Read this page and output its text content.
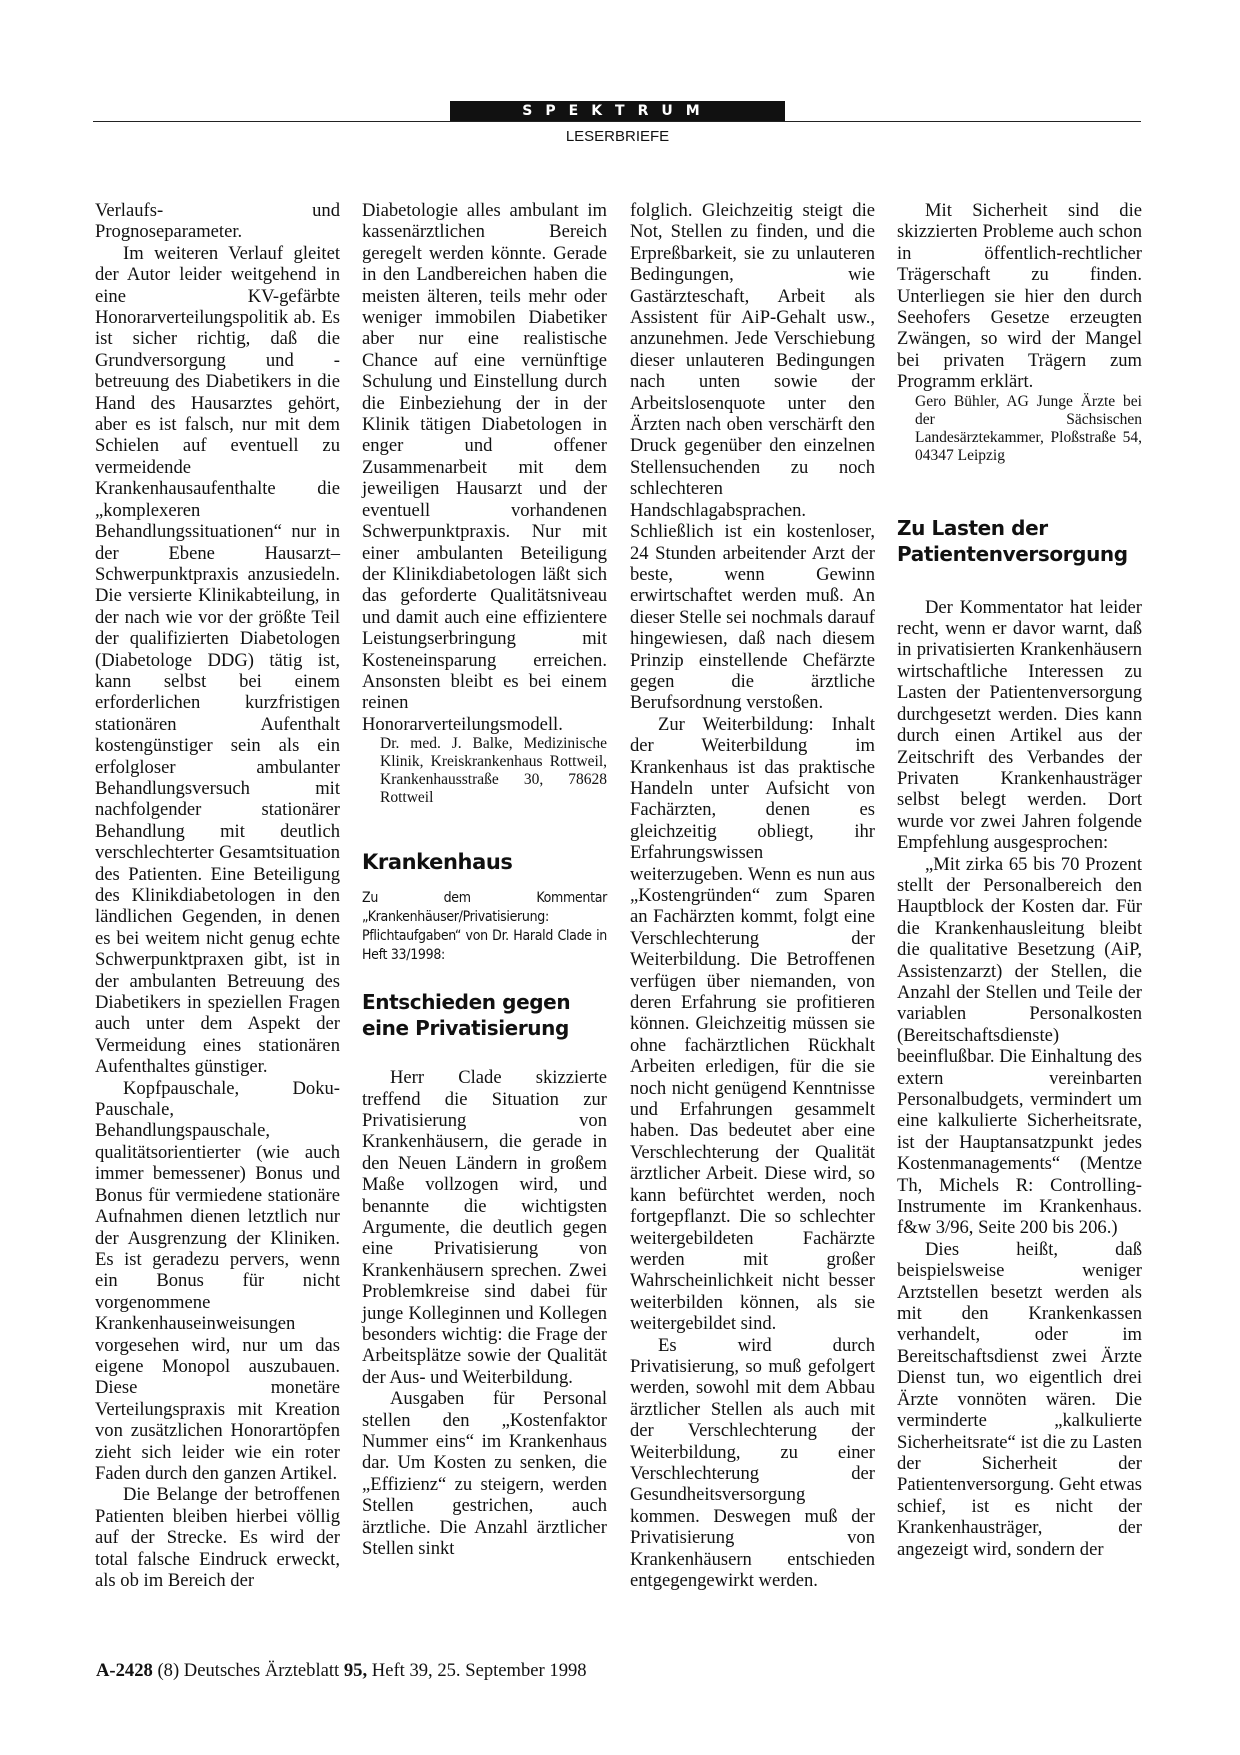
SPEKTRUM
LESERBRIEFE

Verlaufs- und Prognoseparameter.

Im weiteren Verlauf gleitet der Autor leider weitgehend in eine KV-gefärbte Honorarverteilungspolitik ab. Es ist sicher richtig, daß die Grundversorgung und -betreuung des Diabetikers in die Hand des Hausarztes gehört, aber es ist falsch, nur mit dem Schielen auf eventuell zu vermeidende Krankenhausaufenthalte die „komplexeren Behandlungssituationen“ nur in der Ebene Hausarzt–Schwerpunktpraxis anzusiedeln. Die versierte Klinikabteilung, in der nach wie vor der größte Teil der qualifizierten Diabetologen (Diabetologe DDG) tätig ist, kann selbst bei einem erforderlichen kurzfristigen stationären Aufenthalt kostengünstiger sein als ein erfolgloser ambulanter Behandlungsversuch mit nachfolgender stationärer Behandlung mit deutlich verschlechterter Gesamtsituation des Patienten. Eine Beteiligung des Klinikdiabetologen in den ländlichen Gegenden, in denen es bei weitem nicht genug echte Schwerpunktpraxen gibt, ist in der ambulanten Betreuung des Diabetikers in speziellen Fragen auch unter dem Aspekt der Vermeidung eines stationären Aufenthaltes günstiger.

Kopfpauschale, Doku-Pauschale, Behandlungspauschale, qualitätsorientierter (wie auch immer bemessener) Bonus und Bonus für vermiedene stationäre Aufnahmen dienen letztlich nur der Ausgrenzung der Kliniken. Es ist geradezu pervers, wenn ein Bonus für nicht vorgenommene Krankenhauseinweisungen vorgesehen wird, nur um das eigene Monopol auszubauen. Diese monetäre Verteilungspraxis mit Kreation von zusätzlichen Honorartöpfen zieht sich leider wie ein roter Faden durch den ganzen Artikel.

Die Belange der betroffenen Patienten bleiben hierbei völlig auf der Strecke. Es wird der total falsche Eindruck erweckt, als ob im Bereich der

Diabetologie alles ambulant im kassenärztlichen Bereich geregelt werden könnte. Gerade in den Landbereichen haben die meisten älteren, teils mehr oder weniger immobilen Diabetiker aber nur eine realistische Chance auf eine vernünftige Schulung und Einstellung durch die Einbeziehung der in der Klinik tätigen Diabetologen in enger und offener Zusammenarbeit mit dem jeweiligen Hausarzt und der eventuell vorhandenen Schwerpunktpraxis. Nur mit einer ambulanten Beteiligung der Klinikdiabetologen läßt sich das geforderte Qualitätsniveau und damit auch eine effizientere Leistungserbringung mit Kosteneinsparung erreichen. Ansonsten bleibt es bei einem reinen Honorarverteilungsmodell.

Dr. med. J. Balke, Medizinische Klinik, Kreiskrankenhaus Rottweil, Krankenhausstraße 30, 78628 Rottweil

Krankenhaus
Zu dem Kommentar „Krankenhäuser/Privatisierung: Pflichtaufgaben“ von Dr. Harald Clade in Heft 33/1998:
Entschieden gegen eine Privatisierung

Herr Clade skizzierte treffend die Situation zur Privatisierung von Krankenhäusern, die gerade in den Neuen Ländern in großem Maße vollzogen wird, und benannte die wichtigsten Argumente, die deutlich gegen eine Privatisierung von Krankenhäusern sprechen. Zwei Problemkreise sind dabei für junge Kolleginnen und Kollegen besonders wichtig: die Frage der Arbeitsplätze sowie der Qualität der Aus- und Weiterbildung.

Ausgaben für Personal stellen den „Kostenfaktor Nummer eins“ im Krankenhaus dar. Um Kosten zu senken, die „Effizienz“ zu steigern, werden Stellen gestrichen, auch ärztliche. Die Anzahl ärztlicher Stellen sinkt

folglich. Gleichzeitig steigt die Not, Stellen zu finden, und die Erpreßbarkeit, sie zu unlauteren Bedingungen, wie Gastärzteschaft, Arbeit als Assistent für AiP-Gehalt usw., anzunehmen. Jede Verschiebung dieser unlauteren Bedingungen nach unten sowie der Arbeitslosenquote unter den Ärzten nach oben verschärft den Druck gegenüber den einzelnen Stellensuchenden zu noch schlechteren Handschlagabsprachen. Schließlich ist ein kostenloser, 24 Stunden arbeitender Arzt der beste, wenn Gewinn erwirtschaftet werden muß. An dieser Stelle sei nochmals darauf hingewiesen, daß nach diesem Prinzip einstellende Chefärzte gegen die ärztliche Berufsordnung verstoßen.

Zur Weiterbildung: Inhalt der Weiterbildung im Krankenhaus ist das praktische Handeln unter Aufsicht von Fachärzten, denen es gleichzeitig obliegt, ihr Erfahrungswissen weiterzugeben. Wenn es nun aus „Kostengründen“ zum Sparen an Fachärzten kommt, folgt eine Verschlechterung der Weiterbildung. Die Betroffenen verfügen über niemanden, von deren Erfahrung sie profitieren können. Gleichzeitig müssen sie ohne fachärztlichen Rückhalt Arbeiten erledigen, für die sie noch nicht genügend Kenntnisse und Erfahrungen gesammelt haben. Das bedeutet aber eine Verschlechterung der Qualität ärztlicher Arbeit. Diese wird, so kann befürchtet werden, noch fortgepflanzt. Die so schlechter weitergebildeten Fachärzte werden mit großer Wahrscheinlichkeit nicht besser weiterbilden können, als sie weitergebildet sind.

Es wird durch Privatisierung, so muß gefolgert werden, sowohl mit dem Abbau ärztlicher Stellen als auch mit der Verschlechterung der Weiterbildung, zu einer Verschlechterung der Gesundheitsversorgung kommen. Deswegen muß der Privatisierung von Krankenhäusern entschieden entgegengewirkt werden.

Mit Sicherheit sind die skizzierten Probleme auch schon in öffentlich-rechtlicher Trägerschaft zu finden. Unterliegen sie hier den durch Seehofers Gesetze erzeugten Zwängen, so wird der Mangel bei privaten Trägern zum Programm erklärt.

Gero Bühler, AG Junge Ärzte bei der Sächsischen Landesärztekammer, Ploßstraße 54, 04347 Leipzig

Zu Lasten der Patientenversorgung

Der Kommentator hat leider recht, wenn er davor warnt, daß in privatisierten Krankenhäusern wirtschaftliche Interessen zu Lasten der Patientenversorgung durchgesetzt werden. Dies kann durch einen Artikel aus der Zeitschrift des Verbandes der Privaten Krankenhausträger selbst belegt werden. Dort wurde vor zwei Jahren folgende Empfehlung ausgesprochen:

„Mit zirka 65 bis 70 Prozent stellt der Personalbereich den Hauptblock der Kosten dar. Für die Krankenhausleitung bleibt die qualitative Besetzung (AiP, Assistenzarzt) der Stellen, die Anzahl der Stellen und Teile der variablen Personalkosten (Bereitschaftsdienste) beeinflußbar. Die Einhaltung des extern vereinbarten Personalbudgets, vermindert um eine kalkulierte Sicherheitsrate, ist der Hauptansatzpunkt jedes Kostenmanagements“ (Mentze Th, Michels R: Controlling-Instrumente im Krankenhaus. f&w 3/96, Seite 200 bis 206.)

Dies heißt, daß beispielsweise weniger Arztstellen besetzt werden als mit den Krankenkassen verhandelt, oder im Bereitschaftsdienst zwei Ärzte Dienst tun, wo eigentlich drei Ärzte vonnöten wären. Die verminderte „kalkulierte Sicherheitsrate“ ist die zu Lasten der Sicherheit der Patientenversorgung. Geht etwas schief, ist es nicht der Krankenhausträger, der angezeigt wird, sondern der

A-2428 (8) Deutsches Ärzteblatt 95, Heft 39, 25. September 1998
